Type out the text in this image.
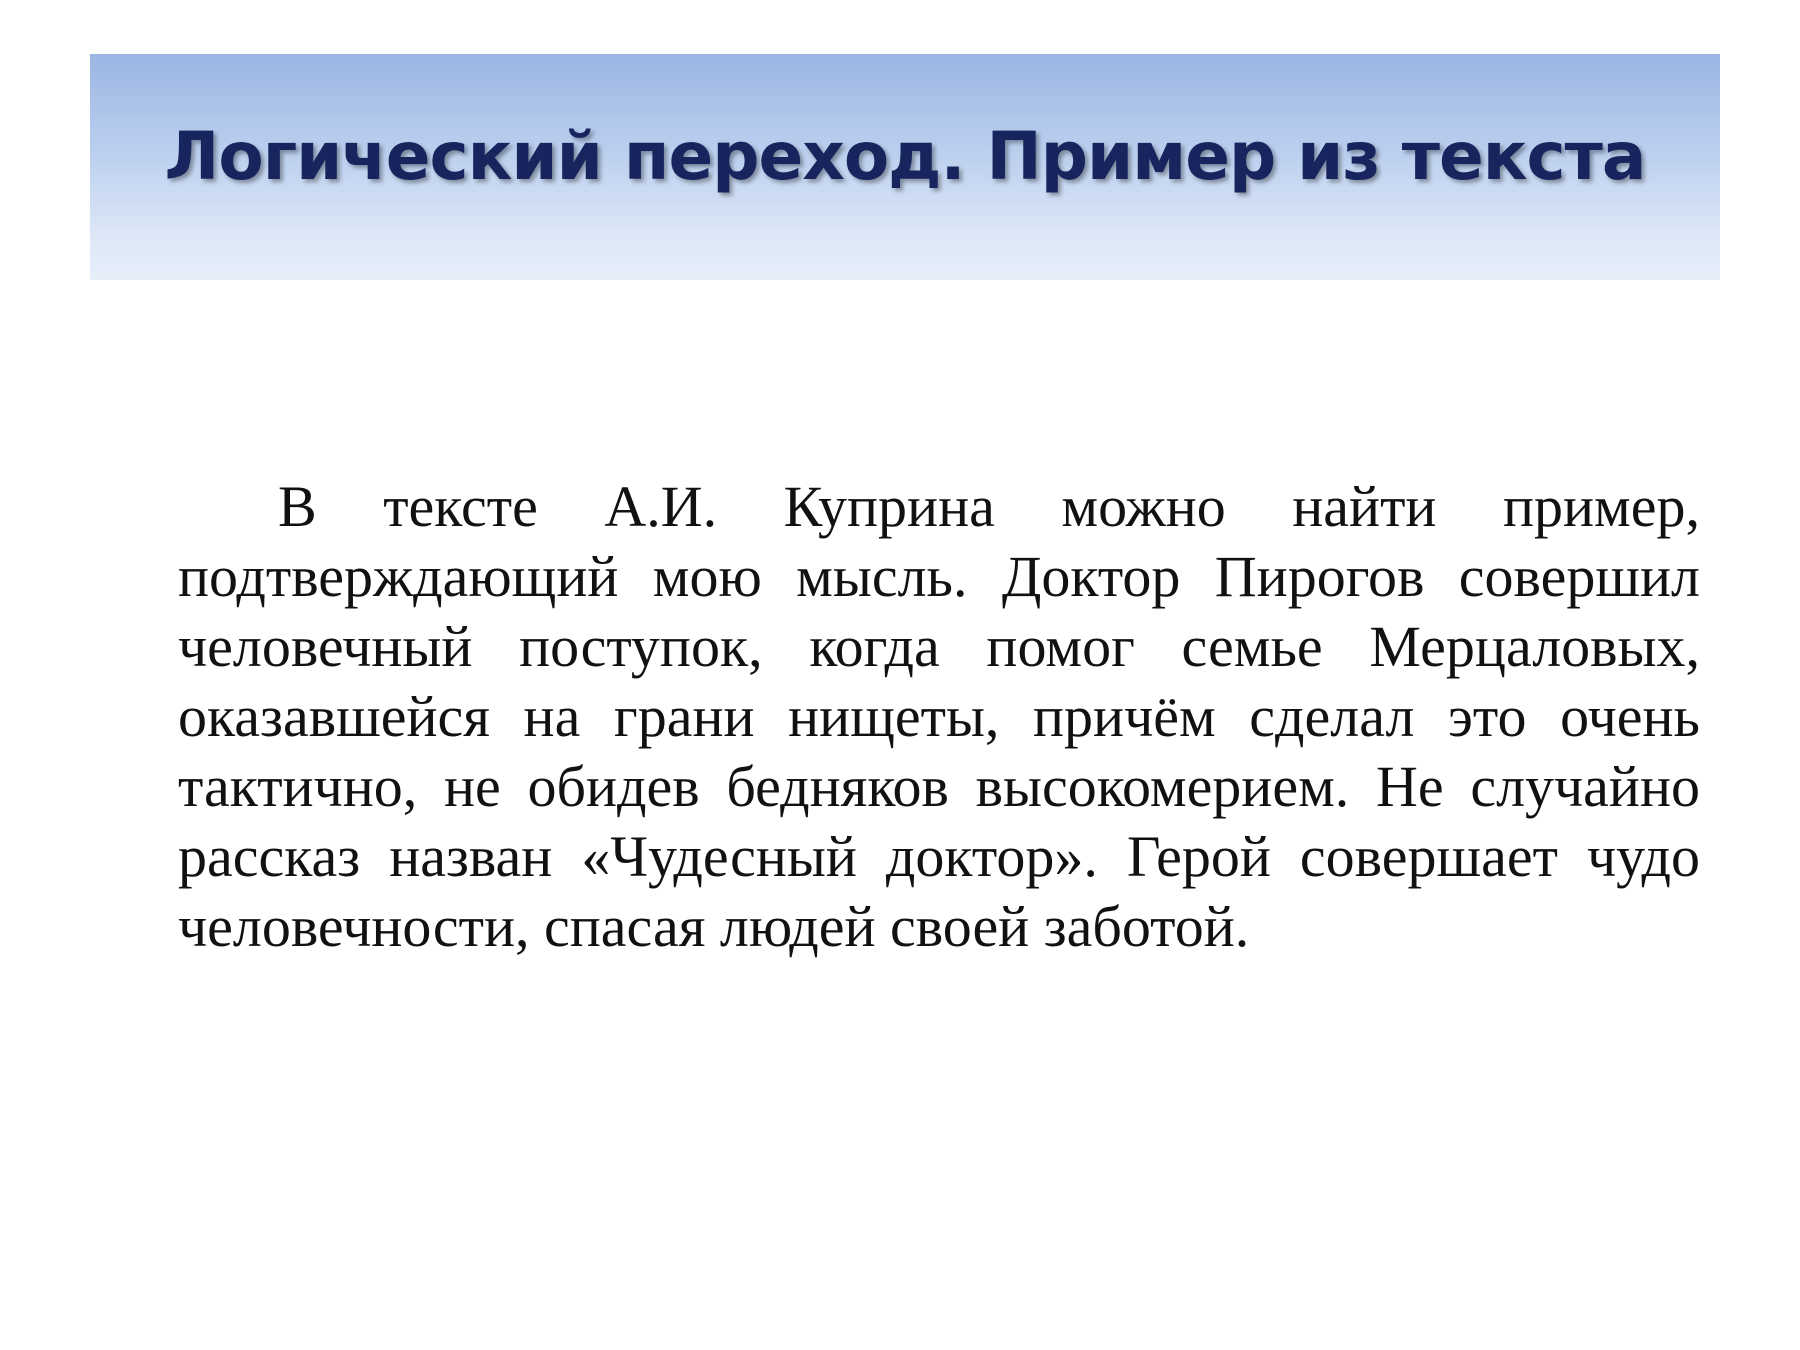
Логический переход. Пример из текста

В тексте А.И. Куприна можно найти пример, подтверждающий мою мысль. Доктор Пирогов совершил человечный поступок, когда помог семье Мерцаловых, оказавшейся на грани нищеты, причём сделал это очень тактично, не обидев бедняков высокомерием. Не случайно рассказ назван «Чудесный доктор». Герой совершает чудо человечности, спасая людей своей заботой.
